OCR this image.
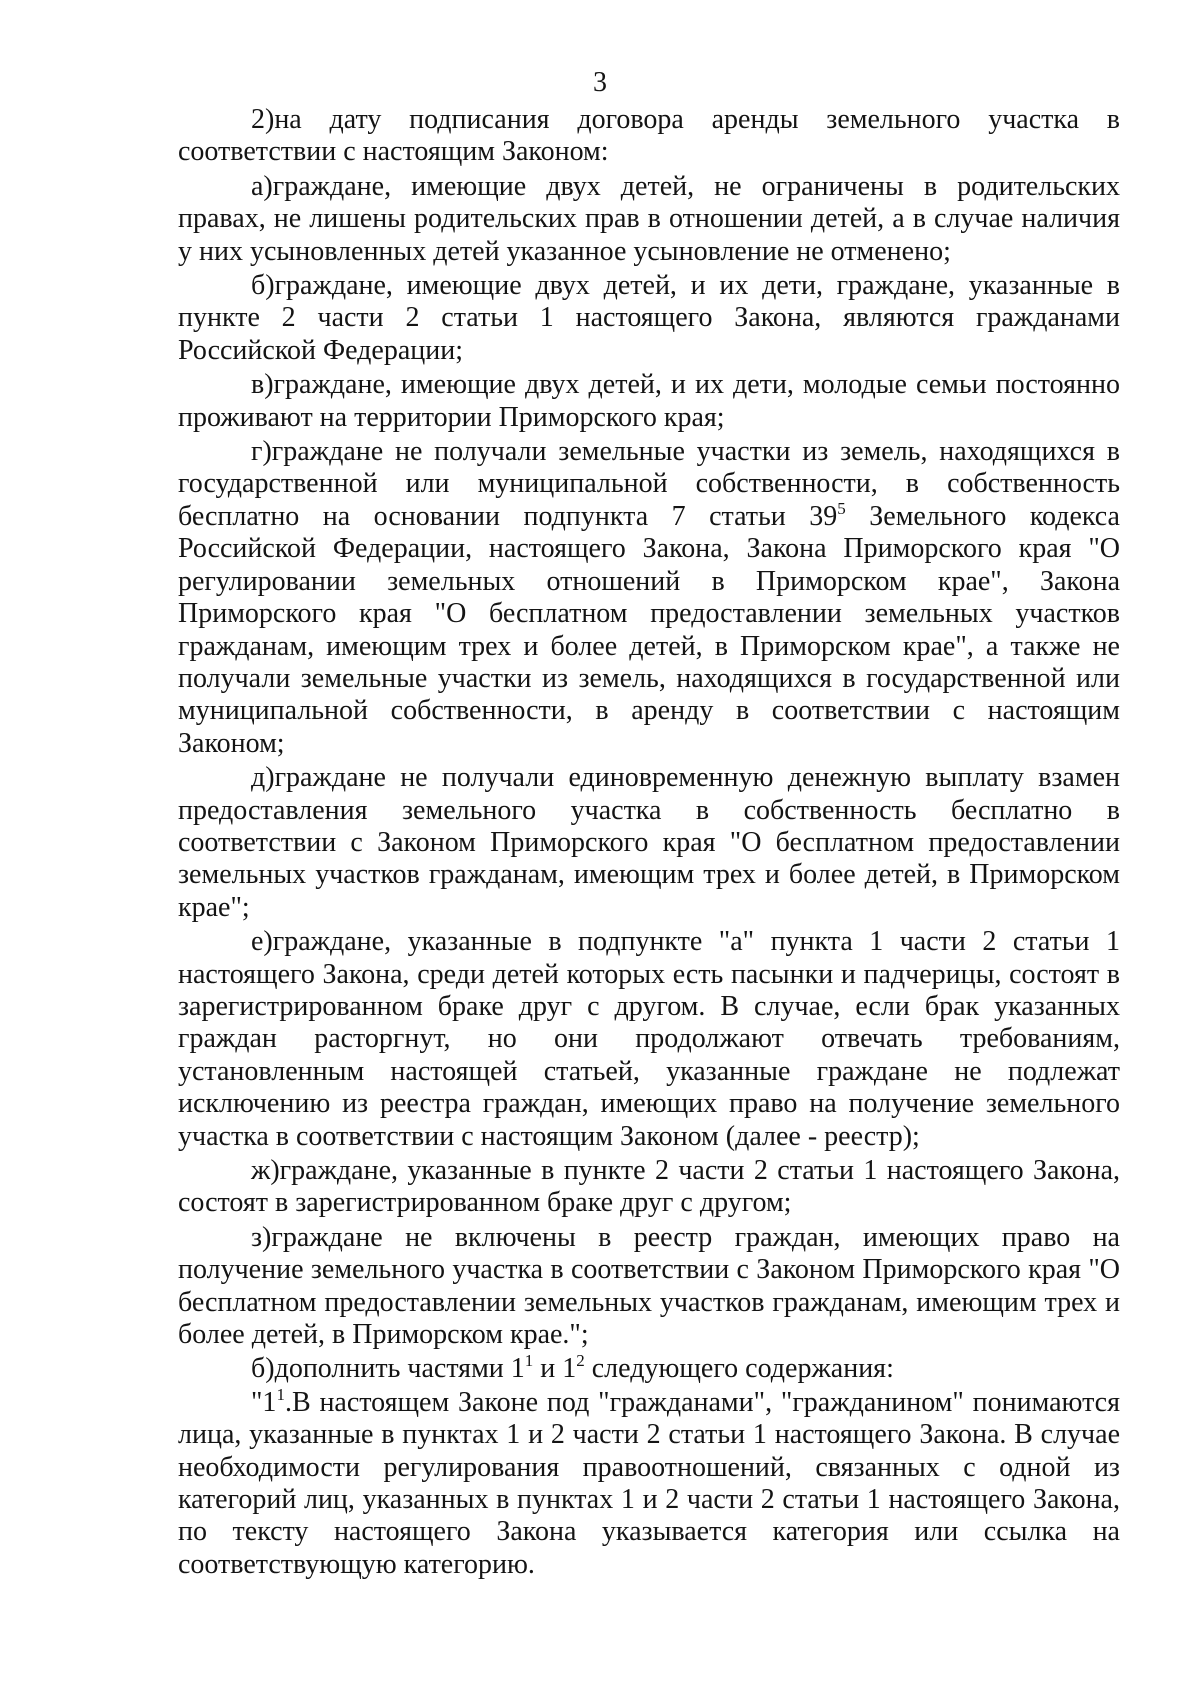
3

2)на дату подписания договора аренды земельного участка в соответствии с настоящим Законом:

а)граждане, имеющие двух детей, не ограничены в родительских правах, не лишены родительских прав в отношении детей, а в случае наличия у них усыновленных детей указанное усыновление не отменено;

б)граждане, имеющие двух детей, и их дети, граждане, указанные в пункте 2 части 2 статьи 1 настоящего Закона, являются гражданами Российской Федерации;

в)граждане, имеющие двух детей, и их дети, молодые семьи постоянно проживают на территории Приморского края;

г)граждане не получали земельные участки из земель, находящихся в государственной или муниципальной собственности, в собственность бесплатно на основании подпункта 7 статьи $39^5$ Земельного кодекса Российской Федерации, настоящего Закона, Закона Приморского края "О регулировании земельных отношений в Приморском крае", Закона Приморского края "О бесплатном предоставлении земельных участков гражданам, имеющим трех и более детей, в Приморском крае", а также не получали земельные участки из земель, находящихся в государственной или муниципальной собственности, в аренду в соответствии с настоящим Законом;

д)граждане не получали единовременную денежную выплату взамен предоставления земельного участка в собственность бесплатно в соответствии с Законом Приморского края "О бесплатном предоставлении земельных участков гражданам, имеющим трех и более детей, в Приморском крае";

е)граждане, указанные в подпункте "а" пункта 1 части 2 статьи 1 настоящего Закона, среди детей которых есть пасынки и падчерицы, состоят в зарегистрированном браке друг с другом. В случае, если брак указанных граждан расторгнут, но они продолжают отвечать требованиям, установленным настоящей статьей, указанные граждане не подлежат исключению из реестра граждан, имеющих право на получение земельного участка в соответствии с настоящим Законом (далее - реестр);

ж)граждане, указанные в пункте 2 части 2 статьи 1 настоящего Закона, состоят в зарегистрированном браке друг с другом;

з)граждане не включены в реестр граждан, имеющих право на получение земельного участка в соответствии с Законом Приморского края "О бесплатном предоставлении земельных участков гражданам, имеющим трех и более детей, в Приморском крае.";

б)дополнить частями $1^1$ и $1^2$ следующего содержания:

"$1^1.В$ настоящем Законе под "гражданами", "гражданином" понимаются лица, указанные в пунктах 1 и 2 части 2 статьи 1 настоящего Закона. В случае необходимости регулирования правоотношений, связанных с одной из категорий лиц, указанных в пунктах 1 и 2 части 2 статьи 1 настоящего Закона, по тексту настоящего Закона указывается категория или ссылка на соответствующую категорию.
